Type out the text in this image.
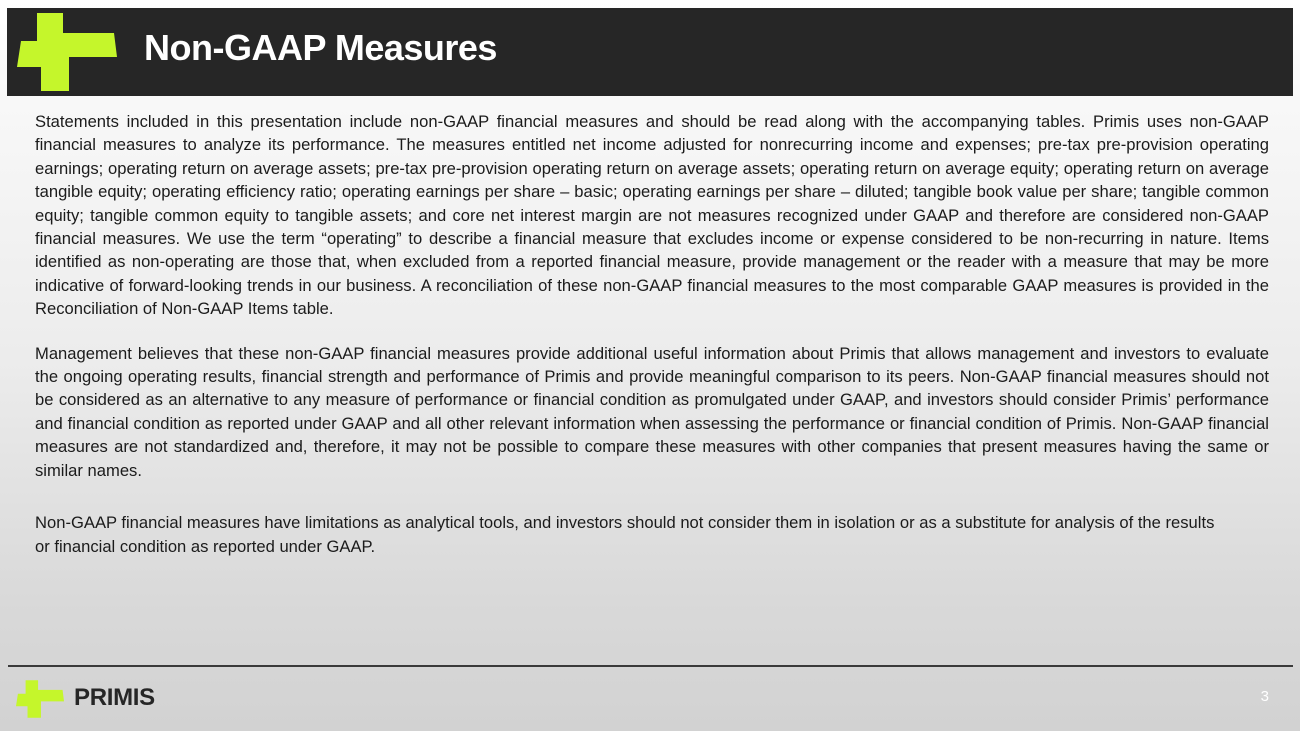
Non-GAAP Measures

Statements included in this presentation include non-GAAP financial measures and should be read along with the accompanying tables. Primis uses non-GAAP financial measures to analyze its performance. The measures entitled net income adjusted for nonrecurring income and expenses; pre-tax pre-provision operating earnings; operating return on average assets; pre-tax pre-provision operating return on average assets; operating return on average equity; operating return on average tangible equity; operating efficiency ratio; operating earnings per share – basic; operating earnings per share – diluted; tangible book value per share; tangible common equity; tangible common equity to tangible assets; and core net interest margin are not measures recognized under GAAP and therefore are considered non-GAAP financial measures. We use the term “operating” to describe a financial measure that excludes income or expense considered to be non-recurring in nature. Items identified as non-operating are those that, when excluded from a reported financial measure, provide management or the reader with a measure that may be more indicative of forward-looking trends in our business. A reconciliation of these non-GAAP financial measures to the most comparable GAAP measures is provided in the Reconciliation of Non-GAAP Items table.

Management believes that these non-GAAP financial measures provide additional useful information about Primis that allows management and investors to evaluate the ongoing operating results, financial strength and performance of Primis and provide meaningful comparison to its peers. Non-GAAP financial measures should not be considered as an alternative to any measure of performance or financial condition as promulgated under GAAP, and investors should consider Primis’ performance and financial condition as reported under GAAP and all other relevant information when assessing the performance or financial condition of Primis. Non-GAAP financial measures are not standardized and, therefore, it may not be possible to compare these measures with other companies that present measures having the same or similar names.

Non-GAAP financial measures have limitations as analytical tools, and investors should not consider them in isolation or as a substitute for analysis of the results or financial condition as reported under GAAP.

PRIMIS	3
